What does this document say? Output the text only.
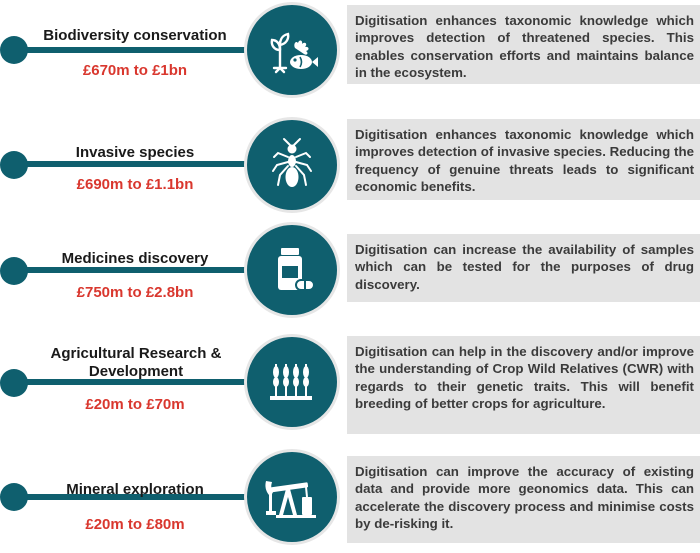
Biodiversity conservation
£670m to £1bn
Digitisation enhances taxonomic knowledge which improves detection of threatened species. This enables conservation efforts and maintains balance in the ecosystem.
Invasive species
£690m to £1.1bn
Digitisation enhances taxonomic knowledge which improves detection of invasive species. Reducing the frequency of genuine threats leads to significant economic benefits.
Medicines discovery
£750m to £2.8bn
Digitisation can increase the availability of samples which can be tested for the purposes of drug discovery.
Agricultural Research & Development
£20m to £70m
Digitisation can help in the discovery and/or improve the understanding of Crop Wild Relatives (CWR) with regards to their genetic traits. This will benefit breeding of better crops for agriculture.
Mineral exploration
£20m to £80m
Digitisation can improve the accuracy of existing data and provide more geonomics data. This can accelerate the discovery process and minimise costs by de-risking it.
